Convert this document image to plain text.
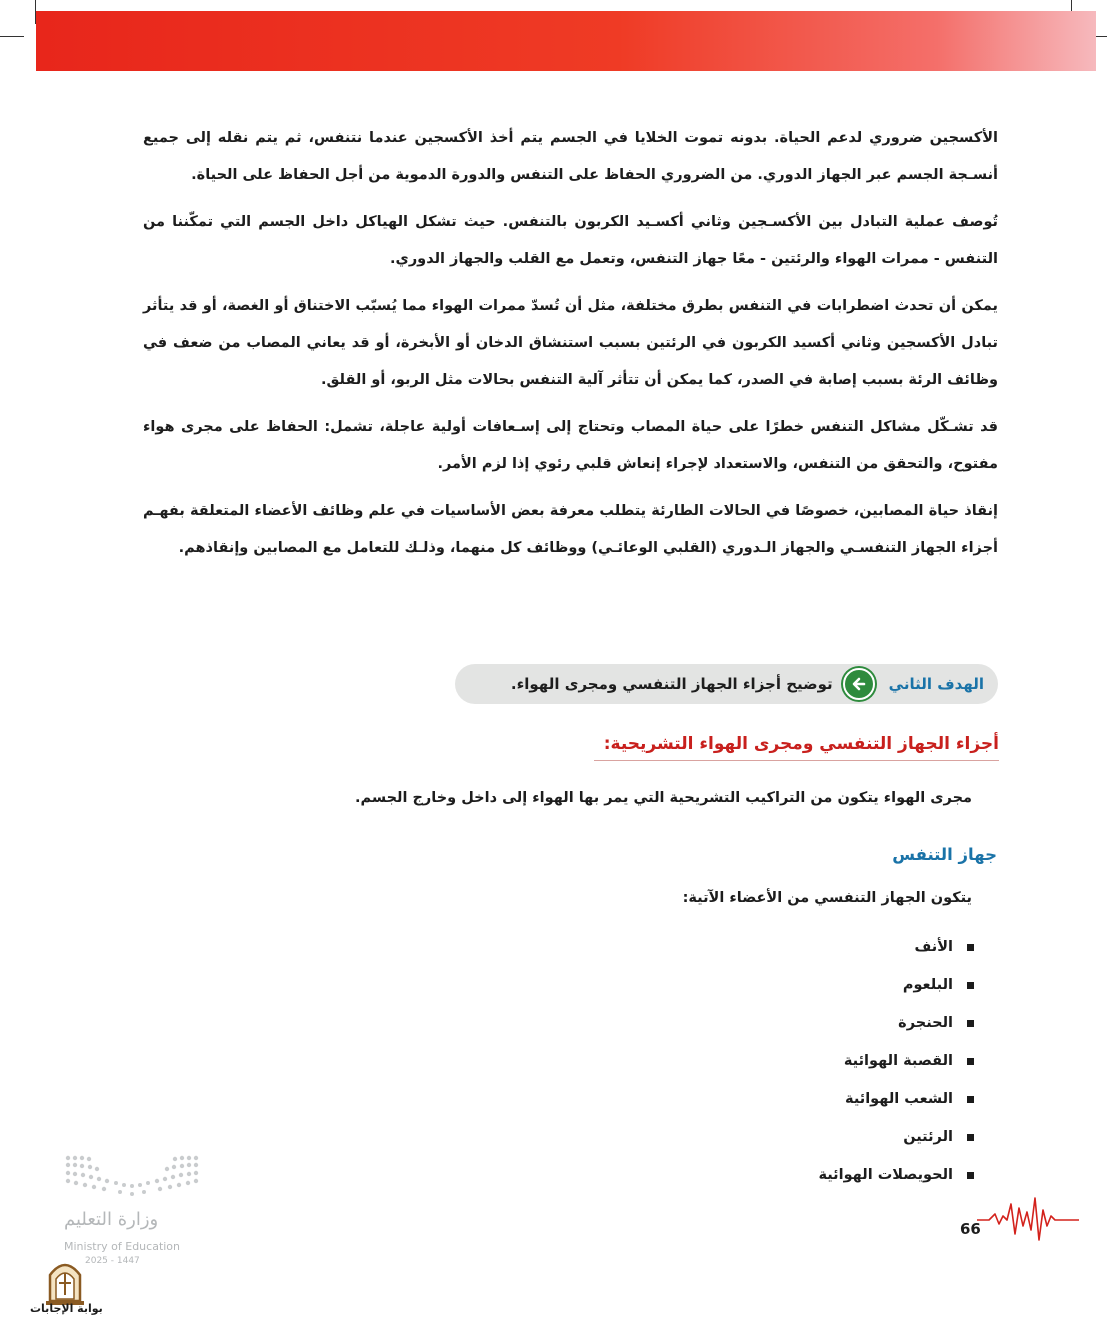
الأكسجين ضروري لدعم الحياة. بدونه تموت الخلايا في الجسم يتم أخذ الأكسجين عندما نتنفس، ثم يتم نقله إلى جميع أنسـجة الجسم عبر الجهاز الدوري. من الضروري الحفاظ على التنفس والدورة الدموية من أجل الحفاظ على الحياة.

تُوصف عملية التبادل بين الأكسـجين وثاني أكسـيد الكربون بالتنفس. حيث تشكل الهياكل داخل الجسم التي تمكّننا من التنفس - ممرات الهواء والرئتين - معًا جهاز التنفس، وتعمل مع القلب والجهاز الدوري.

يمكن أن تحدث اضطرابات في التنفس بطرق مختلفة، مثل أن تُسدّ ممرات الهواء مما يُسبّب الاختناق أو الغصة، أو قد يتأثر تبادل الأكسجين وثاني أكسيد الكربون في الرئتين بسبب استنشاق الدخان أو الأبخرة، أو قد يعاني المصاب من ضعف في وظائف الرئة بسبب إصابة في الصدر، كما يمكن أن تتأثر آلية التنفس بحالات مثل الربو، أو القلق.

قد تشـكّل مشاكل التنفس خطرًا على حياة المصاب وتحتاج إلى إسـعافات أولية عاجلة، تشمل: الحفاظ على مجرى هواء مفتوح، والتحقق من التنفس، والاستعداد لإجراء إنعاش قلبي رئوي إذا لزم الأمر.

إنقاذ حياة المصابين، خصوصًا في الحالات الطارئة يتطلب معرفة بعض الأساسيات في علم وظائف الأعضاء المتعلقة بفهـم أجزاء الجهاز التنفسـي والجهاز الـدوري (القلبي الوعائـي) ووظائف كل منهما، وذلـك للتعامل مع المصابين وإنقاذهم.

الهدف الثاني
توضيح أجزاء الجهاز التنفسي ومجرى الهواء.
أجزاء الجهاز التنفسي ومجرى الهواء التشريحية:
مجرى الهواء يتكون من التراكيب التشريحية التي يمر بها الهواء إلى داخل وخارج الجسم.
جهاز التنفس
يتكون الجهاز التنفسي من الأعضاء الآتية:
الأنف
البلعوم
الحنجرة
القصبة الهوائية
الشعب الهوائية
الرئتين
الحويصلات الهوائية
وزارة التعليم
Ministry of Education
2025 - 1447
بوابة الإجابات
66
